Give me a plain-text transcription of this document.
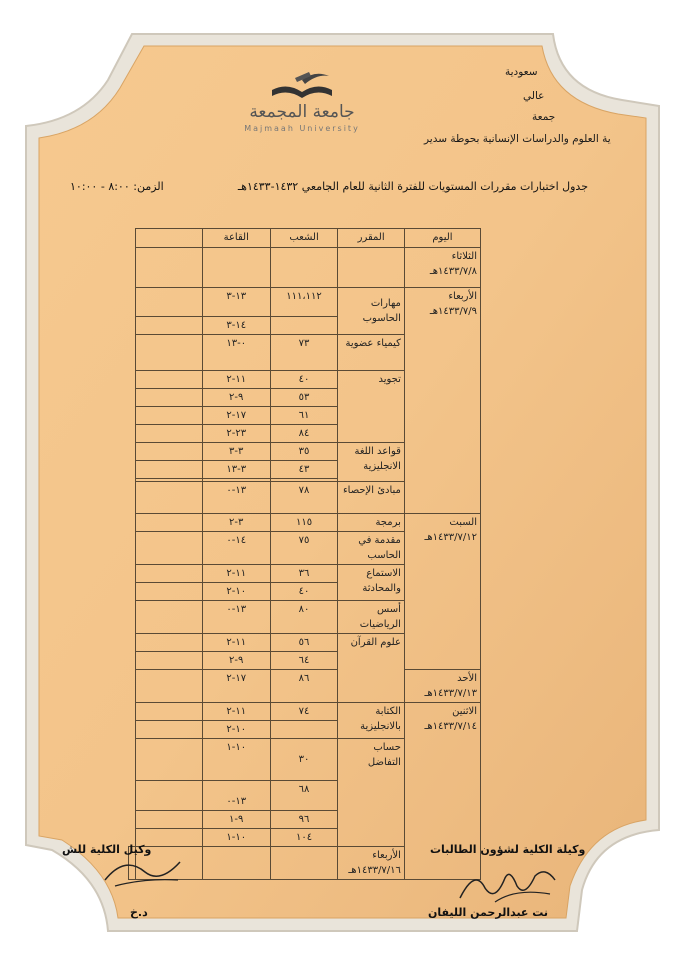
سعودية
عالي
جمعة
ية العلوم والدراسات الإنسانية بحوطة سدير
جامعة المجمعة
Majmaah University
جدول اختبارات مقررات المستويات للفترة الثانية للعام الجامعي ١٤٣٢-١٤٣٣هـ
الزمن: ٨:٠٠ - ١٠:٠٠
اليوم	المقرر	الشعب	القاعة		
الثلاثاء ١٤٣٣/٧/٨هـ					
الأربعاء ١٤٣٣/٧/٩هـ	مهارات الحاسوب	١١١،١١٢	١٣-٣		
			١٤-٣		
	كيمياء عضوية	٧٣	٠-١٣		
	تجويد	٤٠	١١-٢		
		٥٣	٩-٢		
		٦١	١٧-٢		
		٨٤	٢٣-٢		
	قواعد اللغة الانجليزية	٣٥	٣-٣		
		٤٣	٣-١٣		

	مبادئ الإحصاء	٧٨	١٣-٠		
السبت ١٤٣٣/٧/١٢هـ	برمجة	١١٥	٣-٢		
	مقدمة في الحاسب	٧٥	١٤-٠		
	الاستماع والمحادثة	٣٦	١١-٢		
		٤٠	١٠-٢		
	أسس الرياضيات	٨٠	١٣-٠		
	علوم القرآن	٥٦	١١-٢		
		٦٤	٩-٢		
الأحد ١٤٣٣/٧/١٣هـ		٨٦	١٧-٢		
الاثنين ١٤٣٣/٧/١٤هـ	الكتابة بالانجليزية	٧٤	١١-٢		
			١٠-٢		
	حساب التفاضل	٣٠	١٠-١		
		٦٨	١٣-٠		
		٩٦	٩-١		
		١٠٤	١٠-١		
	الأربعاء ١٤٣٣/٧/١٦هـ				
وكيلة الكلية لشؤون الطالبات
نت عبدالرحمن الليفان
وكيل الكلية للش
د.خ
